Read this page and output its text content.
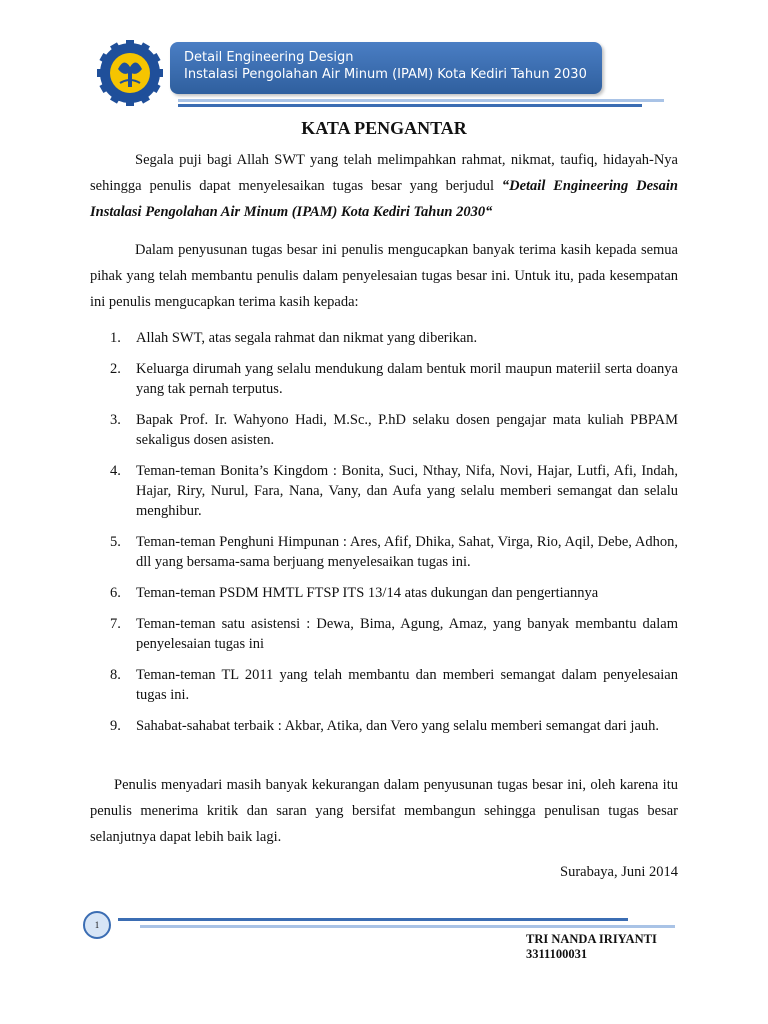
Detail Engineering Design
Instalasi Pengolahan Air Minum (IPAM) Kota Kediri Tahun 2030
KATA PENGANTAR
Segala puji bagi Allah SWT yang telah melimpahkan rahmat, nikmat, taufiq, hidayah-Nya sehingga penulis dapat menyelesaikan tugas besar yang berjudul “Detail Engineering Desain Instalasi Pengolahan Air Minum (IPAM) Kota Kediri Tahun 2030“
Dalam penyusunan tugas besar ini penulis mengucapkan banyak terima kasih kepada semua pihak yang telah membantu penulis dalam penyelesaian tugas besar ini. Untuk itu, pada kesempatan ini penulis mengucapkan terima kasih kepada:
1. Allah SWT, atas segala rahmat dan nikmat yang diberikan.
2. Keluarga dirumah yang selalu mendukung dalam bentuk moril maupun materiil serta doanya yang tak pernah terputus.
3. Bapak Prof. Ir. Wahyono Hadi, M.Sc., P.hD selaku dosen pengajar mata kuliah PBPAM sekaligus dosen asisten.
4. Teman-teman Bonita’s Kingdom : Bonita, Suci, Nthay, Nifa, Novi, Hajar, Lutfi, Afi, Indah, Hajar, Riry, Nurul, Fara, Nana, Vany, dan Aufa yang selalu memberi semangat dan selalu menghibur.
5. Teman-teman Penghuni Himpunan : Ares, Afif, Dhika, Sahat, Virga, Rio, Aqil, Debe, Adhon, dll yang bersama-sama berjuang menyelesaikan tugas ini.
6. Teman-teman PSDM HMTL FTSP ITS 13/14 atas dukungan dan pengertiannya
7. Teman-teman satu asistensi : Dewa, Bima, Agung, Amaz, yang banyak membantu dalam penyelesaian tugas ini
8. Teman-teman TL 2011 yang telah membantu dan memberi semangat dalam penyelesaian tugas ini.
9. Sahabat-sahabat terbaik : Akbar, Atika, dan Vero yang selalu memberi semangat dari jauh.
Penulis menyadari masih banyak kekurangan dalam penyusunan tugas besar ini, oleh karena itu penulis menerima kritik dan saran yang bersifat membangun sehingga penulisan tugas besar selanjutnya dapat lebih baik lagi.
Surabaya, Juni 2014
1
TRI NANDA IRIYANTI
3311100031
